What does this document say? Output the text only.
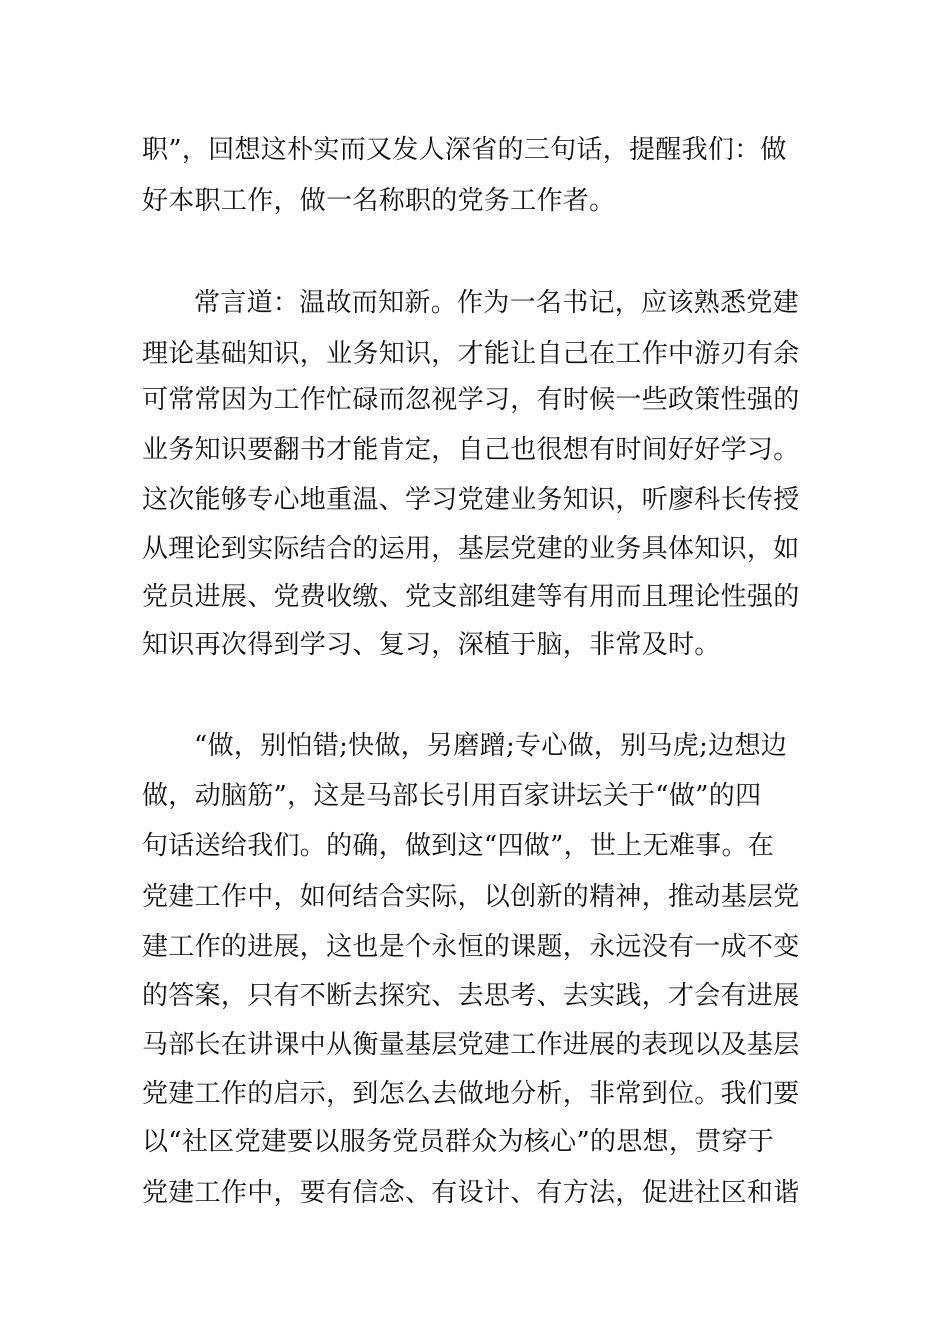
职”，回想这朴实而又发人深省的三句话，提醒我们：做

好本职工作，做一名称职的党务工作者。

常言道：温故而知新。作为一名书记，应该熟悉党建

理论基础知识，业务知识，才能让自己在工作中游刃有余

可常常因为工作忙碌而忽视学习，有时候一些政策性强的

业务知识要翻书才能肯定，自己也很想有时间好好学习。

这次能够专心地重温、学习党建业务知识，听廖科长传授

从理论到实际结合的运用，基层党建的业务具体知识，如

党员进展、党费收缴、党支部组建等有用而且理论性强的

知识再次得到学习、复习，深植于脑，非常及时。

“做，别怕错;快做，另磨蹭;专心做，别马虎;边想边

做，动脑筋”，这是马部长引用百家讲坛关于“做”的四

句话送给我们。的确，做到这“四做”，世上无难事。在

党建工作中，如何结合实际，以创新的精神，推动基层党

建工作的进展，这也是个永恒的课题，永远没有一成不变

的答案，只有不断去探究、去思考、去实践，才会有进展

马部长在讲课中从衡量基层党建工作进展的表现以及基层

党建工作的启示，到怎么去做地分析，非常到位。我们要

以“社区党建要以服务党员群众为核心”的思想，贯穿于

党建工作中，要有信念、有设计、有方法，促进社区和谐
